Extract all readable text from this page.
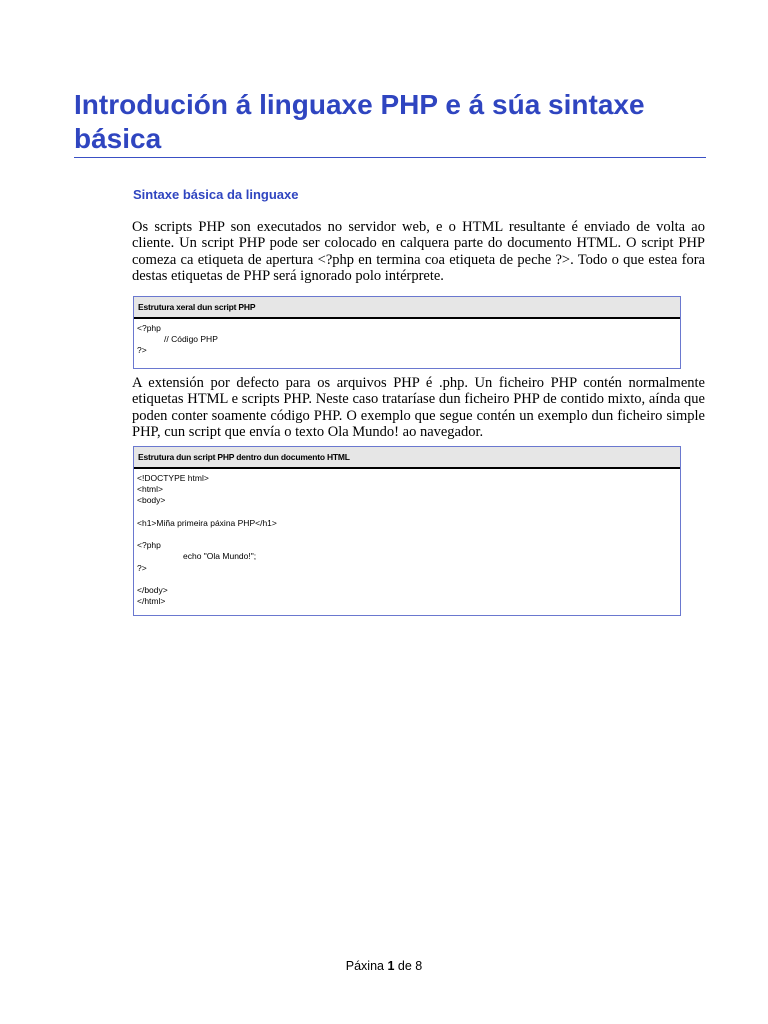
Introdución á linguaxe PHP e á súa sintaxe básica
Sintaxe básica da linguaxe

Os scripts PHP son executados no servidor web, e o HTML resultante é enviado de volta ao cliente. Un script PHP pode ser colocado en calquera parte do documento HTML. O script PHP comeza ca etiqueta de apertura <?php en termina coa etiqueta de peche ?>. Todo o que estea fora destas etiquetas de PHP será ignorado polo intérprete.

Estrutura xeral dun script PHP
<?php
// Código PHP
?>

A extensión por defecto para os arquivos PHP é .php. Un ficheiro PHP contén normalmente etiquetas HTML e scripts PHP. Neste caso trataríase dun ficheiro PHP de contido mixto, aínda que poden conter soamente código PHP. O exemplo que segue contén un exemplo dun ficheiro simple PHP, cun script que envía o texto Ola Mundo! ao navegador.

Estrutura dun script PHP dentro dun documento HTML
<!DOCTYPE html>
<html>
<body>
<h1>Miña primeira páxina PHP</h1>
<?php
echo "Ola Mundo!";
?>
</body>
</html>
Páxina 1 de 8
